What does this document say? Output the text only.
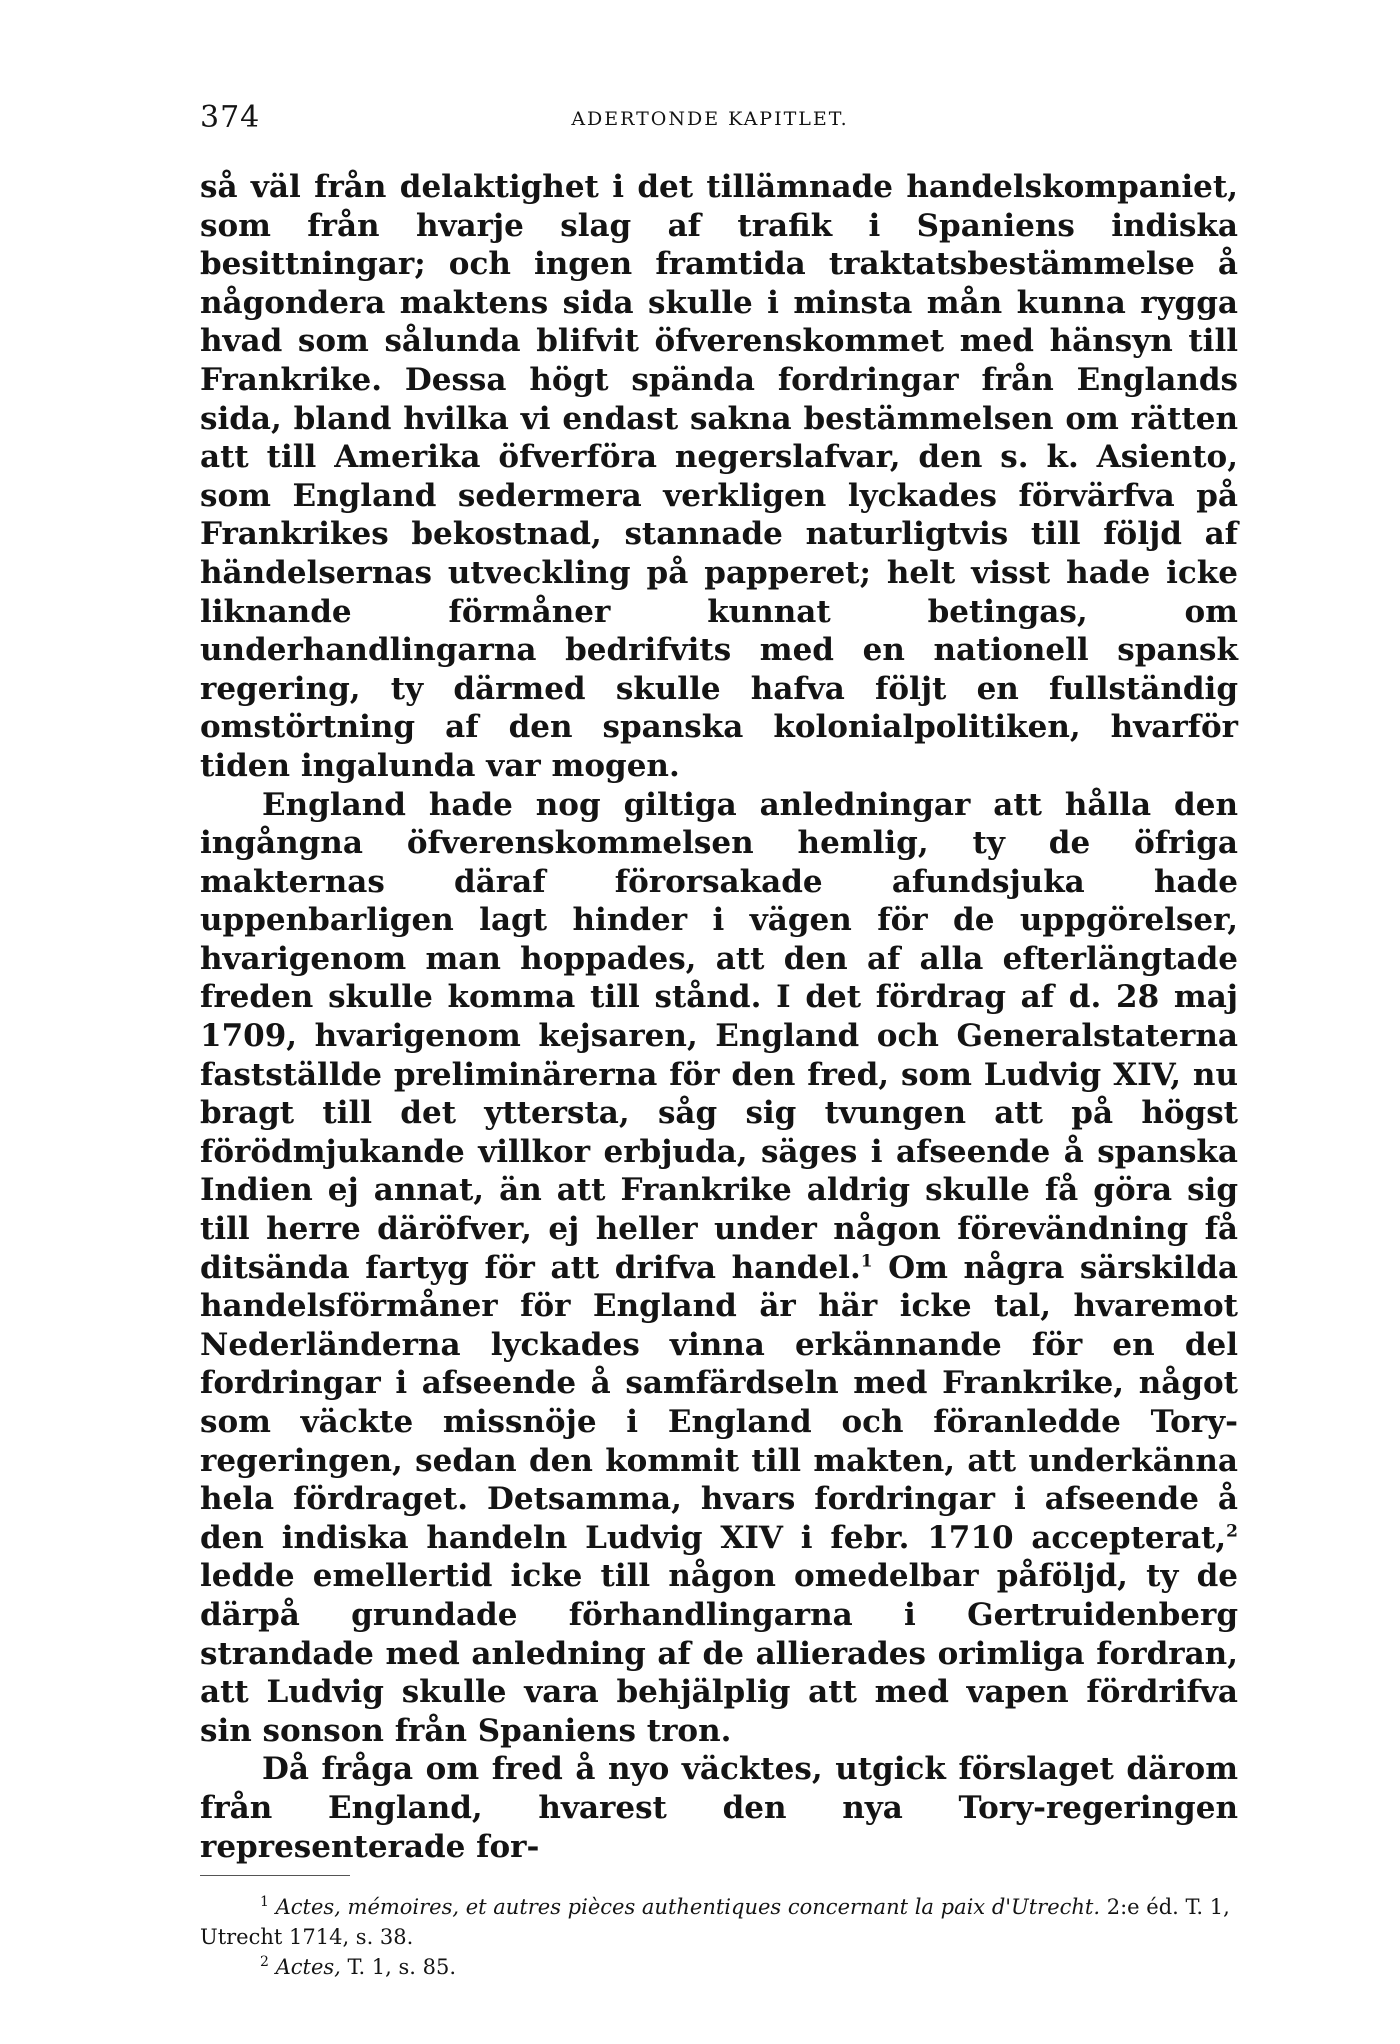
374	ADERTONDE KAPITLET.

så väl från delaktighet i det tillämnade handelskompaniet, som från hvarje slag af trafik i Spaniens indiska besittningar; och ingen framtida traktatsbestämmelse å någondera maktens sida skulle i minsta mån kunna rygga hvad som sålunda blifvit öfverenskommet med hänsyn till Frankrike. Dessa högt spända fordringar från Englands sida, bland hvilka vi endast sakna bestämmelsen om rätten att till Amerika öfverföra negerslafvar, den s. k. Asiento, som England sedermera verkligen lyckades förvärfva på Frankrikes bekostnad, stannade naturligtvis till följd af händelsernas utveckling på papperet; helt visst hade icke liknande förmåner kunnat betingas, om underhandlingarna bedrifvits med en nationell spansk regering, ty därmed skulle hafva följt en fullständig omstörtning af den spanska kolonialpolitiken, hvarför tiden ingalunda var mogen.

England hade nog giltiga anledningar att hålla den ingångna öfverenskommelsen hemlig, ty de öfriga makternas däraf förorsakade afundsjuka hade uppenbarligen lagt hinder i vägen för de uppgörelser, hvarigenom man hoppades, att den af alla efterlängtade freden skulle komma till stånd. I det fördrag af d. 28 maj 1709, hvarigenom kejsaren, England och Generalstaterna fastställde preliminärerna för den fred, som Ludvig XIV, nu bragt till det yttersta, såg sig tvungen att på högst förödmjukande villkor erbjuda, säges i afseende å spanska Indien ej annat, än att Frankrike aldrig skulle få göra sig till herre däröfver, ej heller under någon förevändning få ditsända fartyg för att drifva handel.$^1$ Om några särskilda handelsförmåner för England är här icke tal, hvaremot Nederländerna lyckades vinna erkännande för en del fordringar i afseende å samfärdseln med Frankrike, något som väckte missnöje i England och föranledde Tory-regeringen, sedan den kommit till makten, att underkänna hela fördraget. Detsamma, hvars fordringar i afseende å den indiska handeln Ludvig XIV i febr. 1710 accepterat,$^2$ ledde emellertid icke till någon omedelbar påföljd, ty de därpå grundade förhandlingarna i Gertruidenberg strandade med anledning af de allierades orimliga fordran, att Ludvig skulle vara behjälplig att med vapen fördrifva sin sonson från Spaniens tron.

Då fråga om fred å nyo väcktes, utgick förslaget därom från England, hvarest den nya Tory-regeringen representerade for-

$^1$ Actes, mémoires, et autres pièces authentiques concernant la paix d'Utrecht. 2:e éd. T. 1, Utrecht 1714, s. 38.

$^2$ Actes, T. 1, s. 85.
